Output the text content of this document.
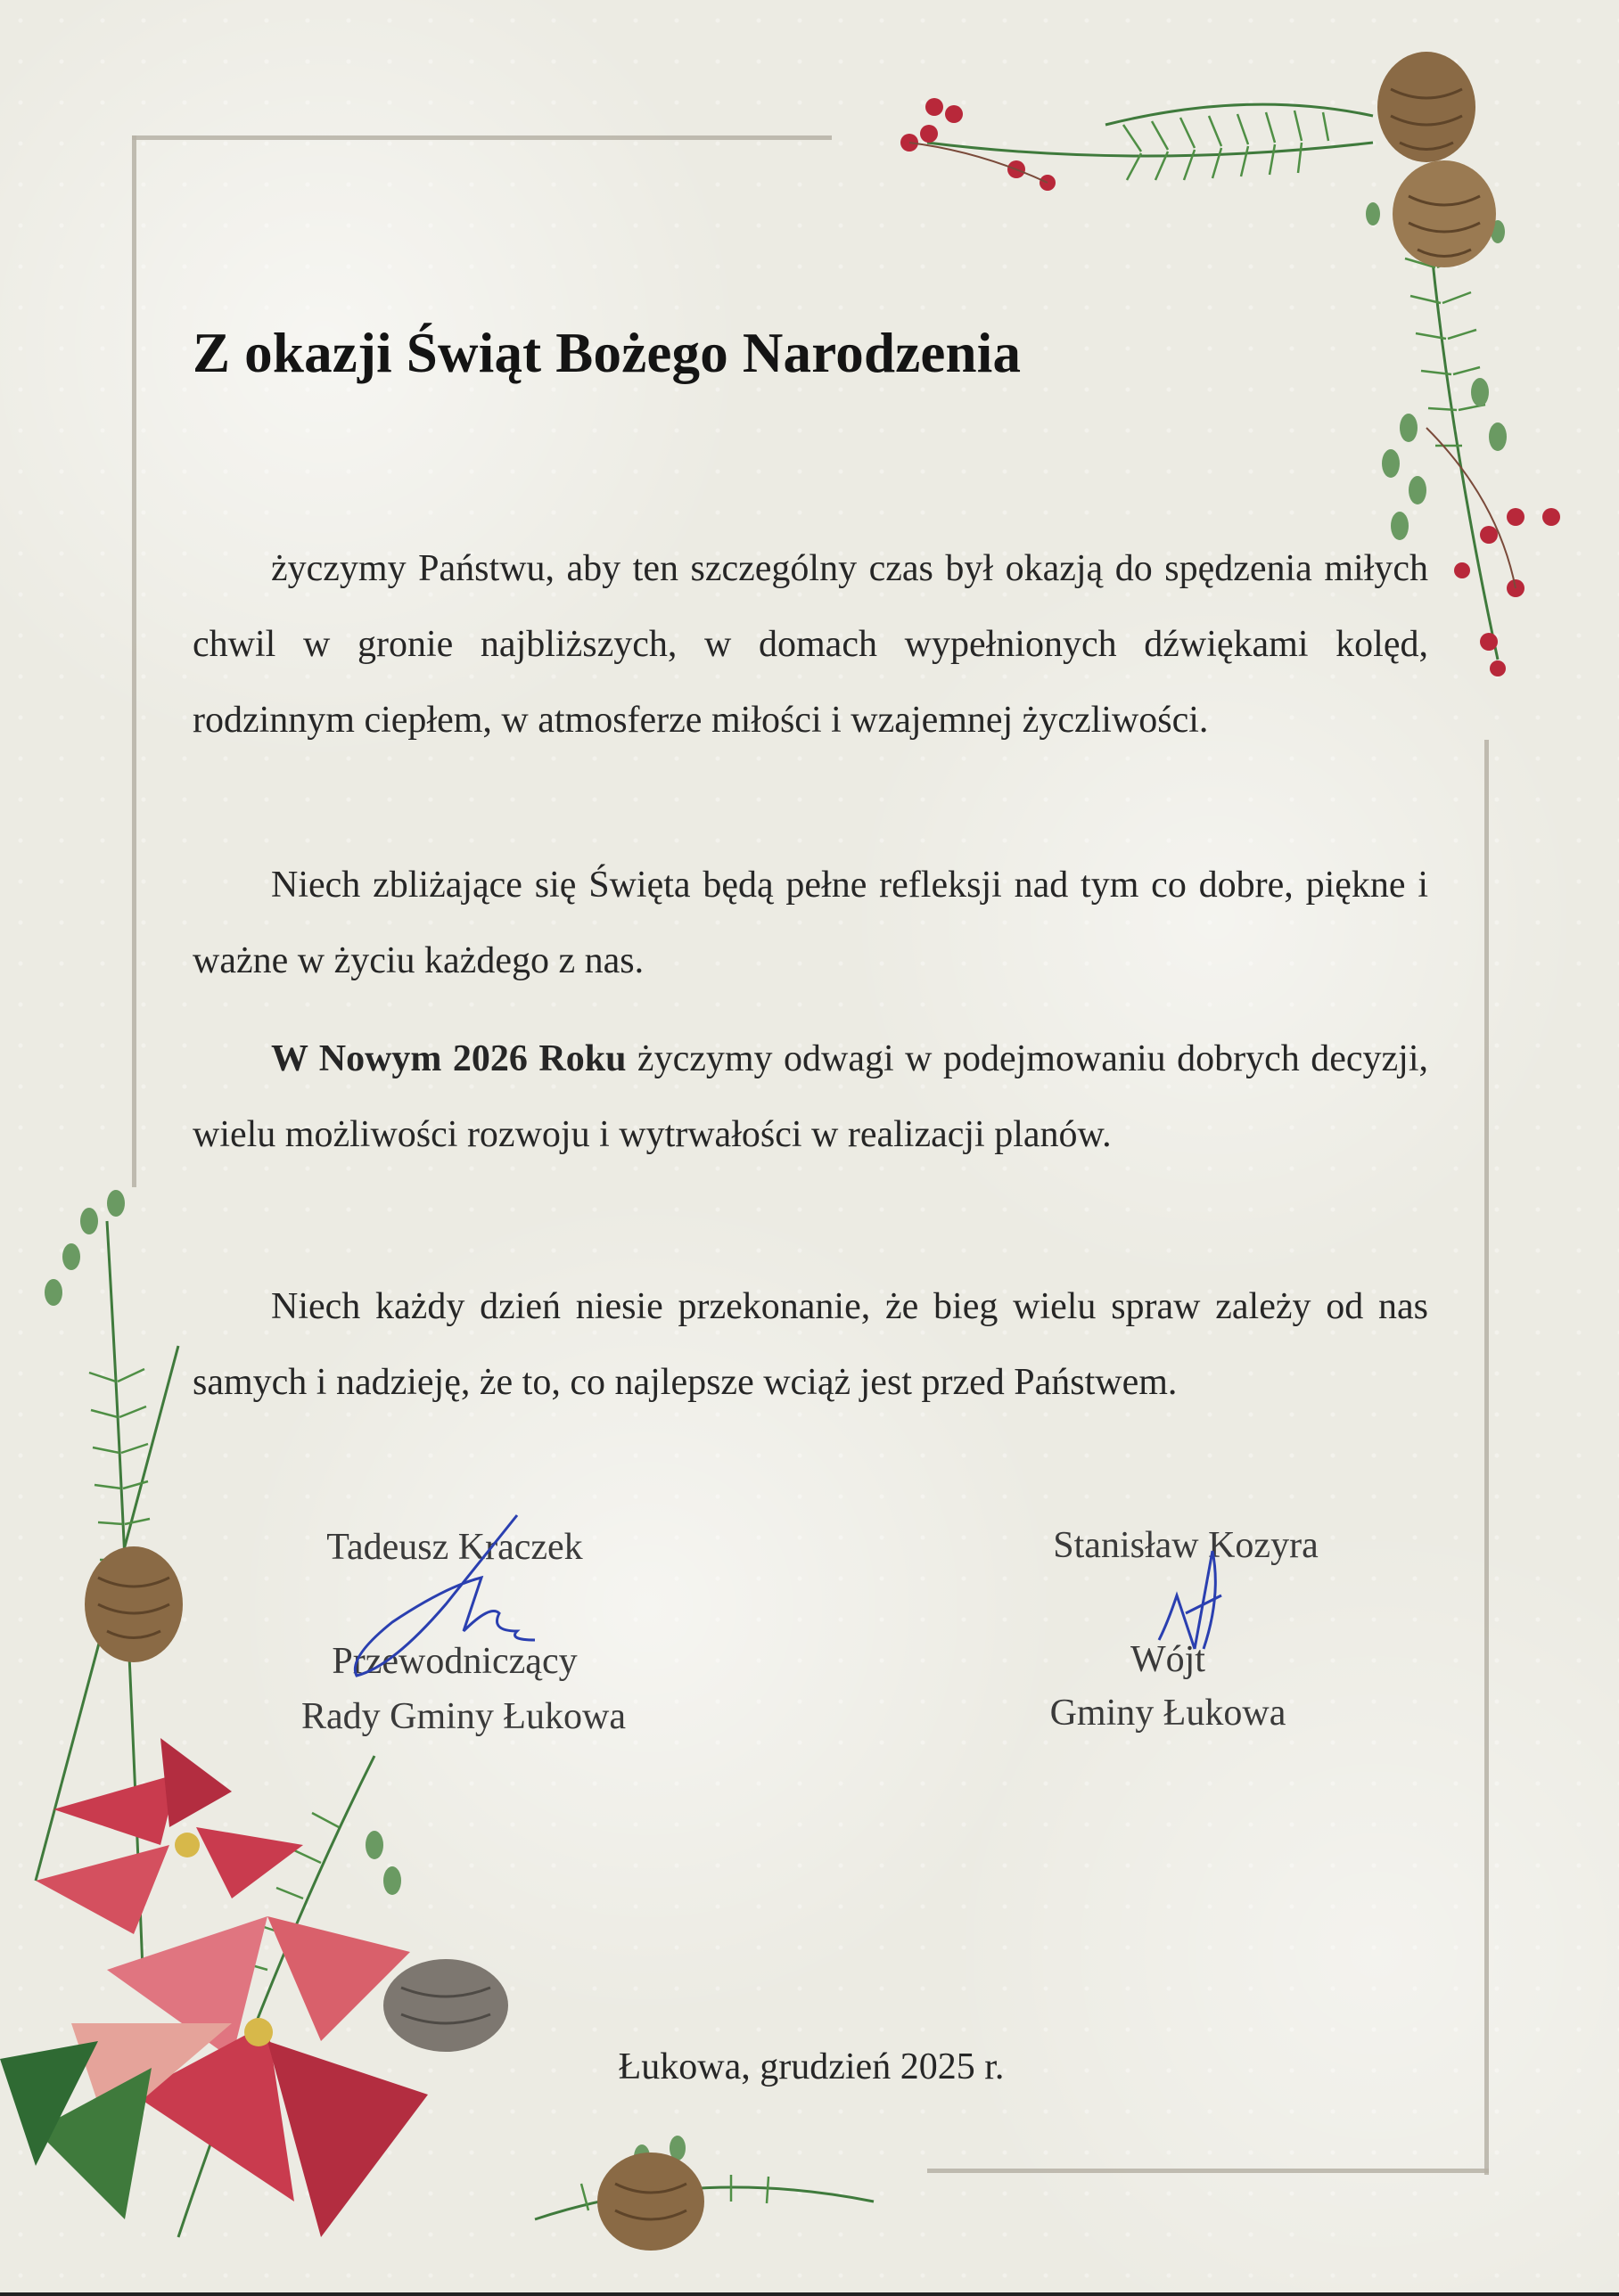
Z okazji Świąt Bożego Narodzenia

życzymy Państwu, aby ten szczególny czas był okazją do spędzenia miłych chwil w gronie najbliższych, w domach wypełnionych dźwiękami kolęd, rodzinnym ciepłem, w atmosferze miłości i wzajemnej życzliwości.

Niech zbliżające się Święta będą pełne refleksji nad tym co dobre, piękne i ważne w życiu każdego z nas.

W Nowym 2026 Roku życzymy odwagi w podejmowaniu dobrych decyzji, wielu możliwości rozwoju i wytrwałości w realizacji planów.

Niech każdy dzień niesie przekonanie, że bieg wielu spraw zależy od nas samych i nadzieję, że to, co najlepsze wciąż jest przed Państwem.

Tadeusz Kraczek
Przewodniczący
Rady Gminy Łukowa
Stanisław Kozyra
Wójt
Gminy Łukowa
Łukowa, grudzień 2025 r.
